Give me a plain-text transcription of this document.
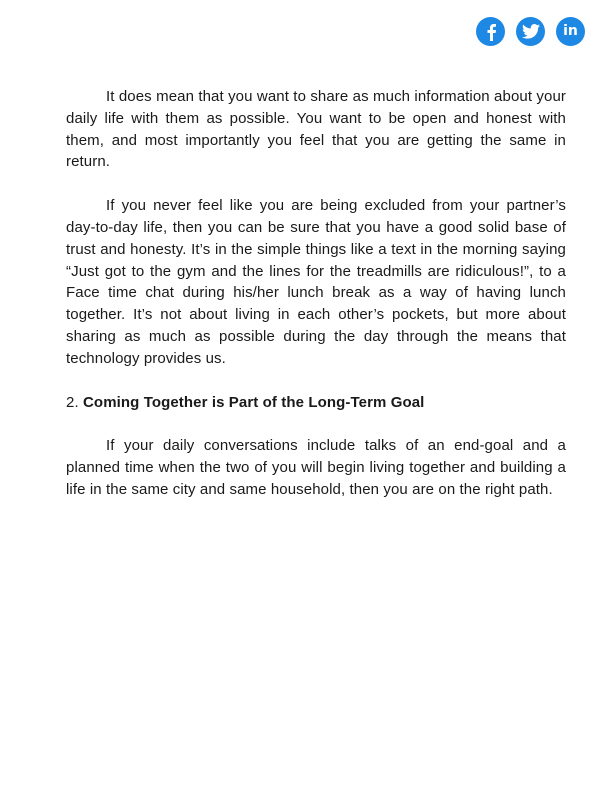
in

It does mean that you want to share as much information about your daily life with them as possible. You want to be open and honest with them, and most importantly you feel that you are getting the same in return.

If you never feel like you are being excluded from your partner’s day-to-day life, then you can be sure that you have a good solid base of trust and honesty. It’s in the simple things like a text in the morning saying “Just got to the gym and the lines for the treadmills are ridiculous!”, to a Face time chat during his/her lunch break as a way of having lunch together. It’s not about living in each other’s pockets, but more about sharing as much as possible during the day through the means that technology provides us.

2. Coming Together is Part of the Long-Term Goal

If your daily conversations include talks of an end-goal and a planned time when the two of you will begin living together and building a life in the same city and same household, then you are on the right path.
